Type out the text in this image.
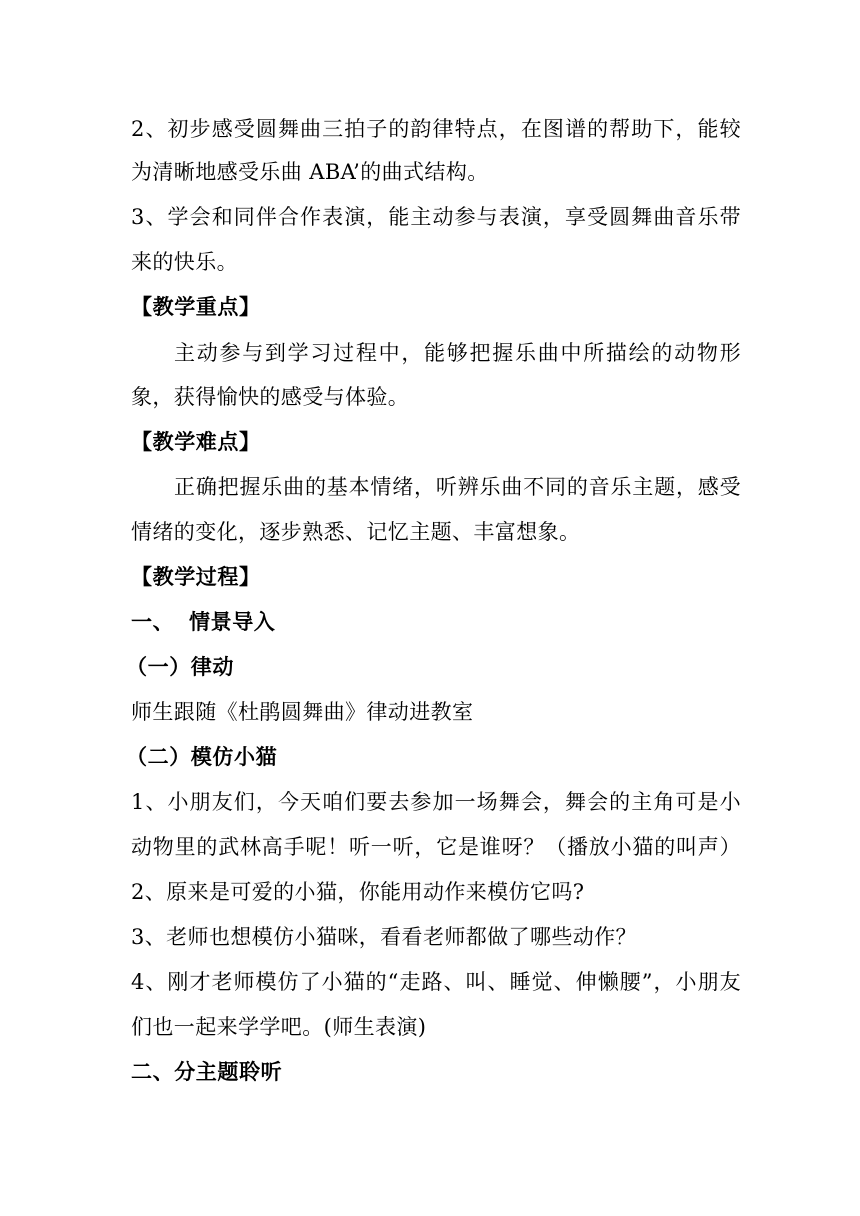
2、初步感受圆舞曲三拍子的韵律特点，在图谱的帮助下，能较
为清晰地感受乐曲 ABA’的曲式结构。
3、学会和同伴合作表演，能主动参与表演，享受圆舞曲音乐带
来的快乐。
【教学重点】
主动参与到学习过程中，能够把握乐曲中所描绘的动物形
象，获得愉快的感受与体验。
【教学难点】
正确把握乐曲的基本情绪，听辨乐曲不同的音乐主题，感受
情绪的变化，逐步熟悉、记忆主题、丰富想象。
【教学过程】
一、 情景导入
（一）律动
师生跟随《杜鹃圆舞曲》律动进教室
（二）模仿小猫
1、小朋友们，今天咱们要去参加一场舞会，舞会的主角可是小
动物里的武林高手呢！听一听，它是谁呀？（播放小猫的叫声）
2、原来是可爱的小猫，你能用动作来模仿它吗?
3、老师也想模仿小猫咪，看看老师都做了哪些动作？
4、刚才老师模仿了小猫的“走路、叫、睡觉、伸懒腰”，小朋友
们也一起来学学吧。(师生表演)
二、分主题聆听
